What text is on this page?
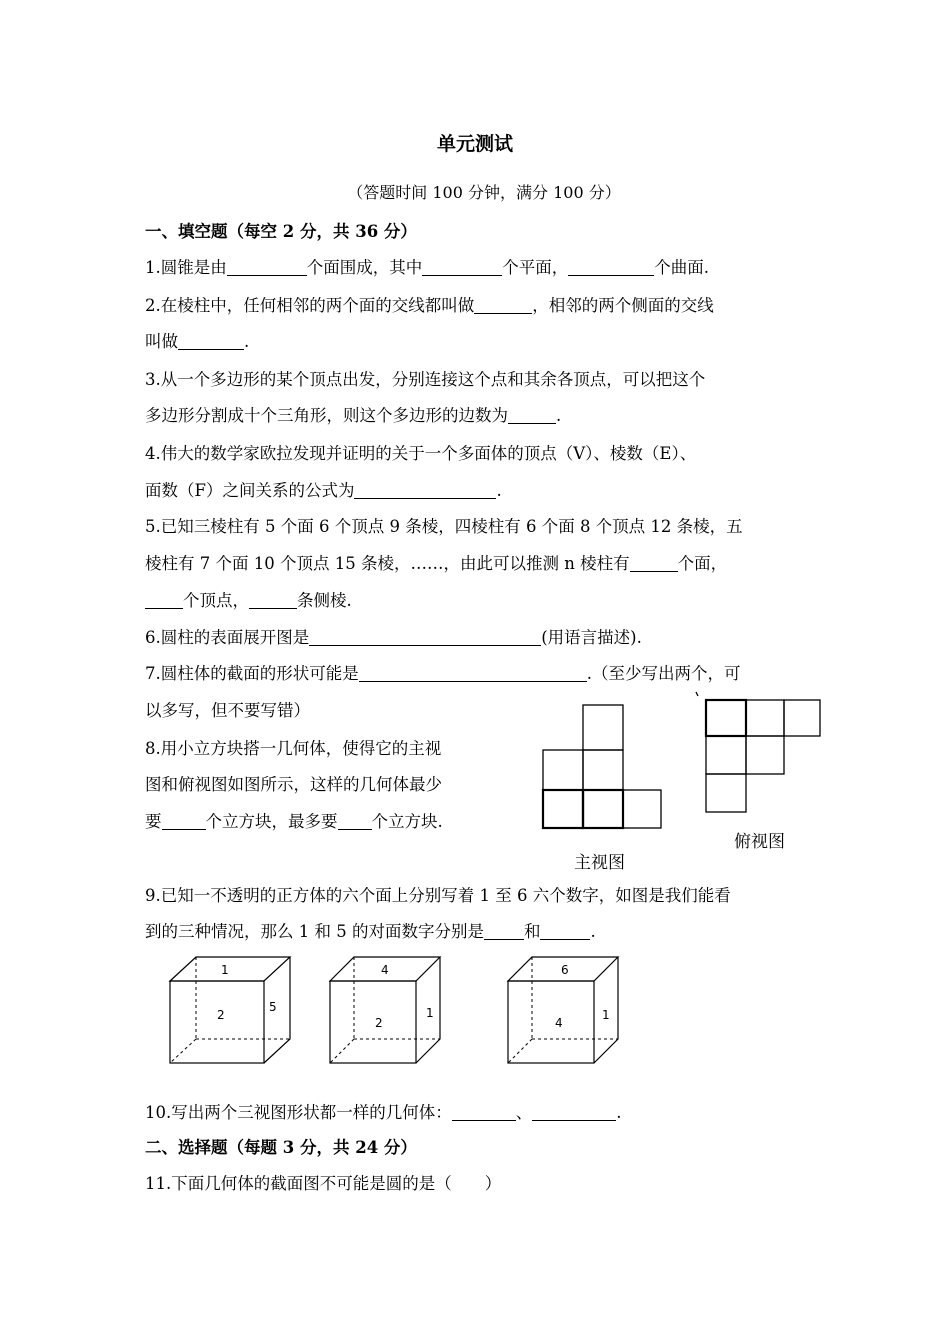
单元测试
（答题时间 100 分钟，满分 100 分）
一、填空题（每空 2 分，共 36 分）
1.圆锥是由	个面围成，其中	个平面，	个曲面.
2.在棱柱中，任何相邻的两个面的交线都叫做	，相邻的两个侧面的交线
叫做	.
3.从一个多边形的某个顶点出发，分别连接这个点和其余各顶点，可以把这个
多边形分割成十个三角形，则这个多边形的边数为	.
4.伟大的数学家欧拉发现并证明的关于一个多面体的顶点（V）、棱数（E）、
面数（F）之间关系的公式为	.
5.已知三棱柱有 5 个面 6 个顶点 9 条棱，四棱柱有 6 个面 8 个顶点 12 条棱，五
棱柱有 7 个面 10 个顶点 15 条棱，……，由此可以推测 n 棱柱有	个面，
个顶点，	条侧棱.
6.圆柱的表面展开图是	(用语言描述).
7.圆柱体的截面的形状可能是	.（至少写出两个，可
以多写，但不要写错）
8.用小立方块搭一几何体，使得它的主视
图和俯视图如图所示，这样的几何体最少
要	个立方块，最多要 个立方块.
主视图
俯视图
9.已知一不透明的正方体的六个面上分别写着 1 至 6 六个数字，如图是我们能看
到的三种情况，那么 1 和 5 的对面数字分别是 和	.
1
2
5
4
2
1
6
4
1
10.写出两个三视图形状都一样的几何体：	、	.
二、选择题（每题 3 分，共 24 分）
11.下面几何体的截面图不可能是圆的是（　　）
